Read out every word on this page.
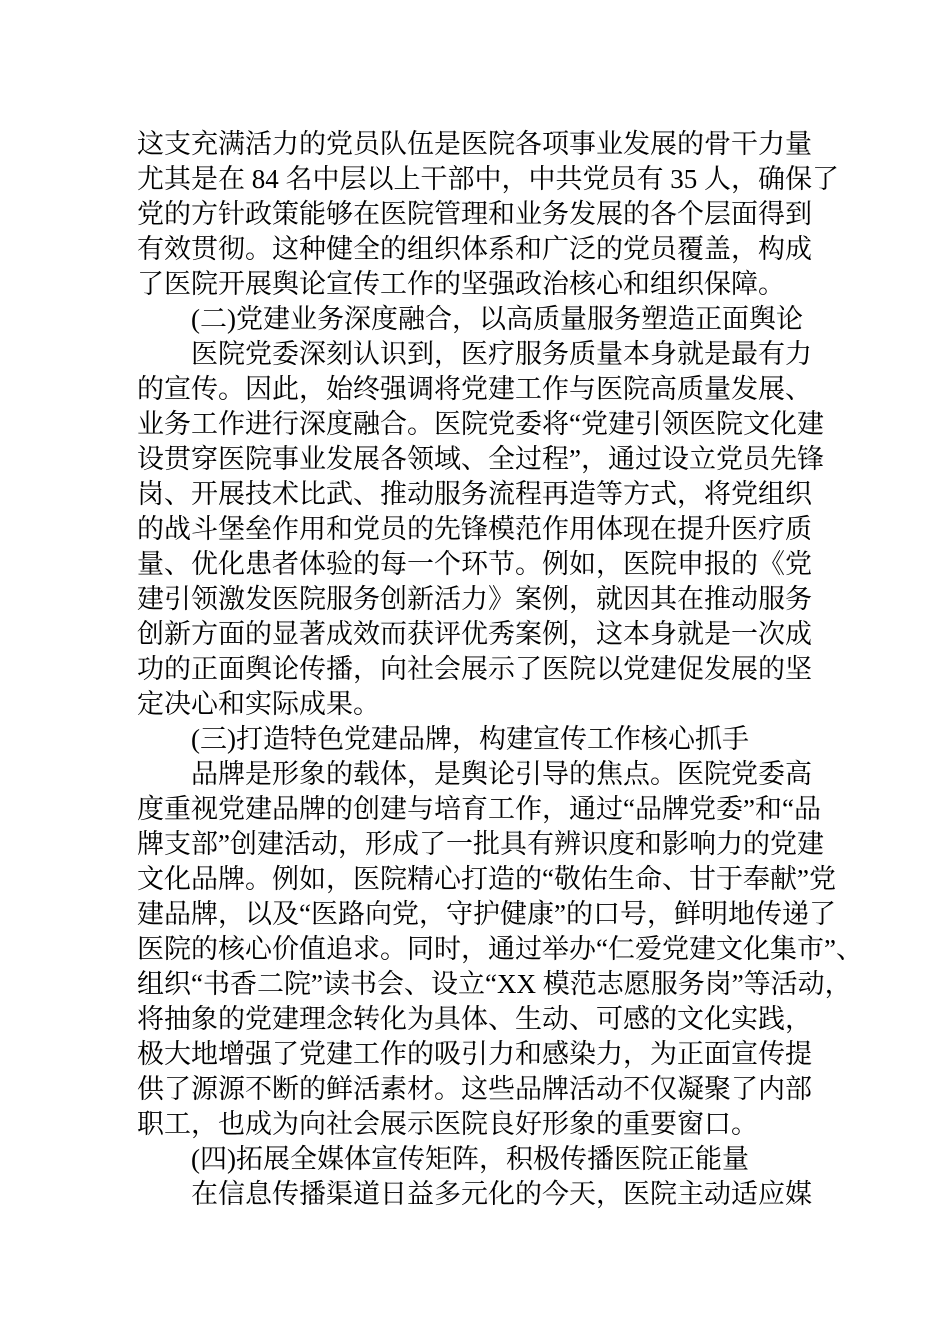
这支充满活力的党员队伍是医院各项事业发展的骨干力量
尤其是在 84 名中层以上干部中，中共党员有 35 人，确保了
党的方针政策能够在医院管理和业务发展的各个层面得到
有效贯彻。这种健全的组织体系和广泛的党员覆盖，构成
了医院开展舆论宣传工作的坚强政治核心和组织保障。
(二)党建业务深度融合，以高质量服务塑造正面舆论
医院党委深刻认识到，医疗服务质量本身就是最有力
的宣传。因此，始终强调将党建工作与医院高质量发展、
业务工作进行深度融合。医院党委将“党建引领医院文化建
设贯穿医院事业发展各领域、全过程”，通过设立党员先锋
岗、开展技术比武、推动服务流程再造等方式，将党组织
的战斗堡垒作用和党员的先锋模范作用体现在提升医疗质
量、优化患者体验的每一个环节。例如，医院申报的《党
建引领激发医院服务创新活力》案例，就因其在推动服务
创新方面的显著成效而获评优秀案例，这本身就是一次成
功的正面舆论传播，向社会展示了医院以党建促发展的坚
定决心和实际成果。
(三)打造特色党建品牌，构建宣传工作核心抓手
品牌是形象的载体，是舆论引导的焦点。医院党委高
度重视党建品牌的创建与培育工作，通过“品牌党委”和“品
牌支部”创建活动，形成了一批具有辨识度和影响力的党建
文化品牌。例如，医院精心打造的“敬佑生命、甘于奉献”党
建品牌，以及“医路向党，守护健康”的口号，鲜明地传递了
医院的核心价值追求。同时，通过举办“仁爱党建文化集市”、
组织“书香二院”读书会、设立“XX 模范志愿服务岗”等活动，
将抽象的党建理念转化为具体、生动、可感的文化实践，
极大地增强了党建工作的吸引力和感染力，为正面宣传提
供了源源不断的鲜活素材。这些品牌活动不仅凝聚了内部
职工，也成为向社会展示医院良好形象的重要窗口。
(四)拓展全媒体宣传矩阵，积极传播医院正能量
在信息传播渠道日益多元化的今天，医院主动适应媒
